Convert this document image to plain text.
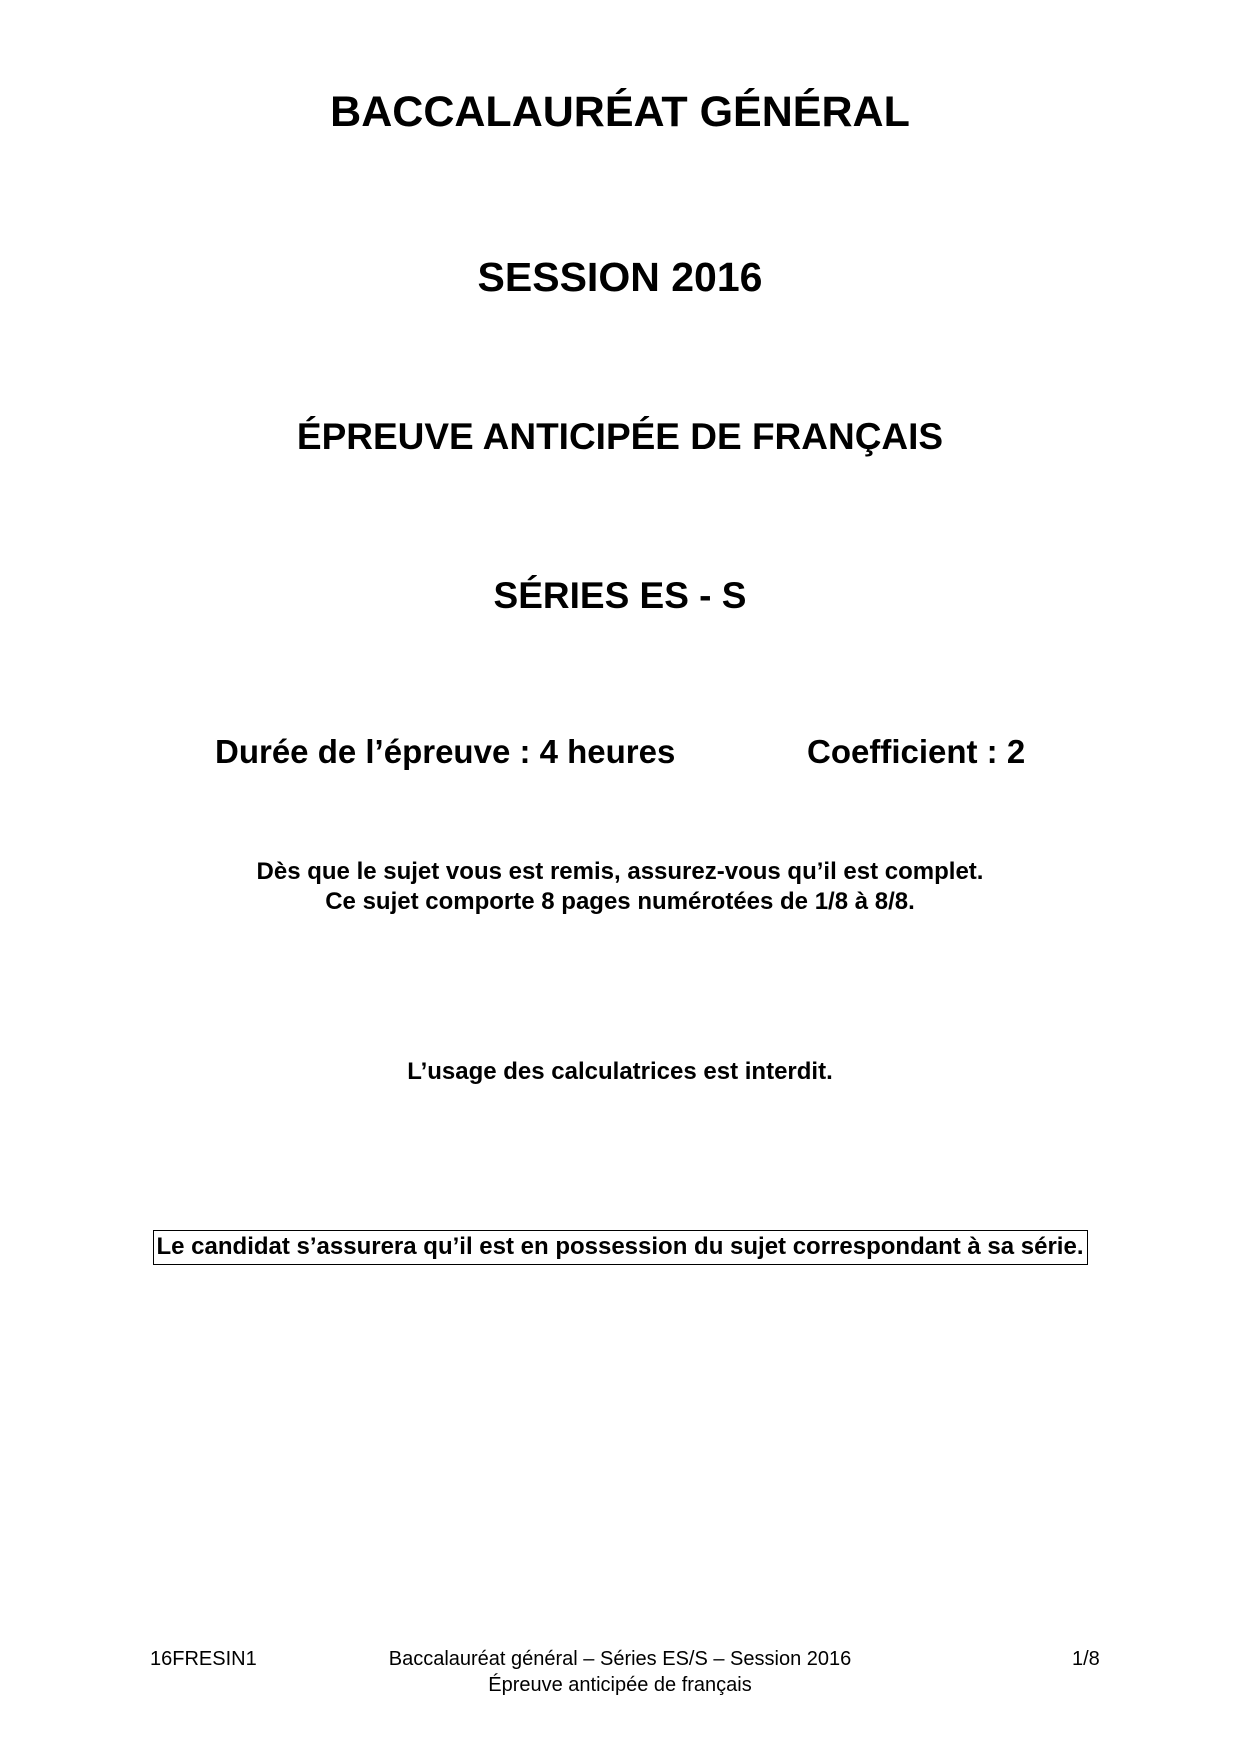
BACCALAURÉAT GÉNÉRAL
SESSION 2016
ÉPREUVE ANTICIPÉE DE FRANÇAIS
SÉRIES ES - S
Durée de l’épreuve : 4 heures	Coefficient : 2
Dès que le sujet vous est remis, assurez-vous qu’il est complet.
Ce sujet comporte 8 pages numérotées de 1/8 à 8/8.
L’usage des calculatrices est interdit.
Le candidat s’assurera qu’il est en possession du sujet correspondant à sa série.
16FRESIN1	Baccalauréat général – Séries ES/S – Session 2016
Épreuve anticipée de français
1/8
